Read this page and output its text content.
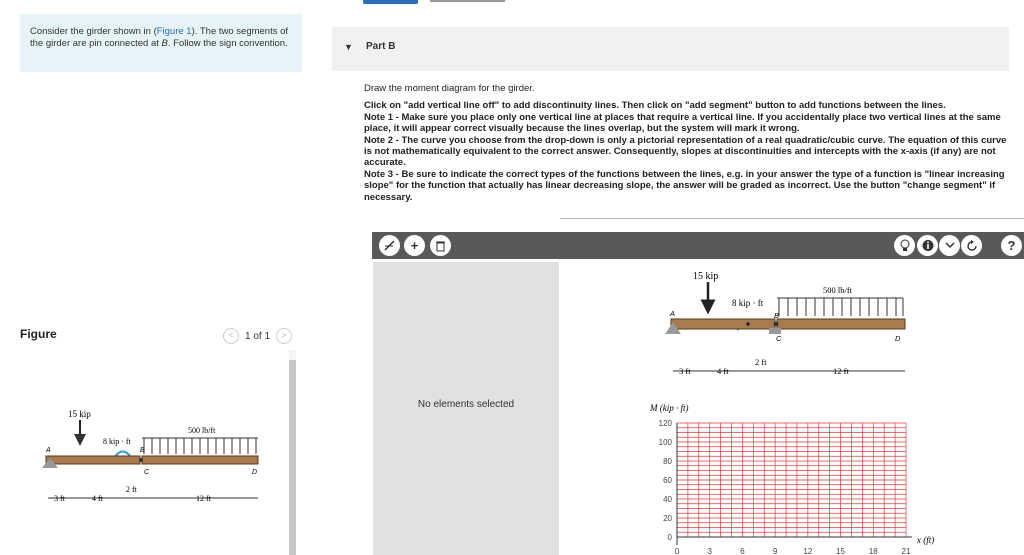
Consider the girder shown in (Figure 1). The two segments of the girder are pin connected at B. Follow the sign convention.
Figure	<	1 of 1	>
15 kip
8 kip · ft
500 lb/ft
A	B
C	D
3 ft	4 ft
2 ft
12 ft
▼ Part B

Draw the moment diagram for the girder.

Click on "add vertical line off" to add discontinuity lines. Then click on "add segment" button to add functions between the lines.

Note 1 - Make sure you place only one vertical line at places that require a vertical line. If you accidentally place two vertical lines at the same place, it will appear correct visually because the lines overlap, but the system will mark it wrong.

Note 2 - The curve you choose from the drop-down is only a pictorial representation of a real quadratic/cubic curve. The equation of this curve is not mathematically equivalent to the correct answer. Consequently, slopes at discontinuities and intercepts with the x-axis (if any) are not accurate.

Note 3 - Be sure to indicate the correct types of the functions between the lines, e.g. in your answer the type of a function is "linear increasing slope" for the function that actually has linear decreasing slope, the answer will be graded as incorrect. Use the button "change segment" if necessary.

+	?
No elements selected
15 kip
8 kip · ft
500 lb/ft
A	B
C	D
3 ft	4 ft
2 ft
12 ft
M (kip · ft)
120
100
80
60
40
20
0
0	3	6	9	12	15	18	21
x (ft)
